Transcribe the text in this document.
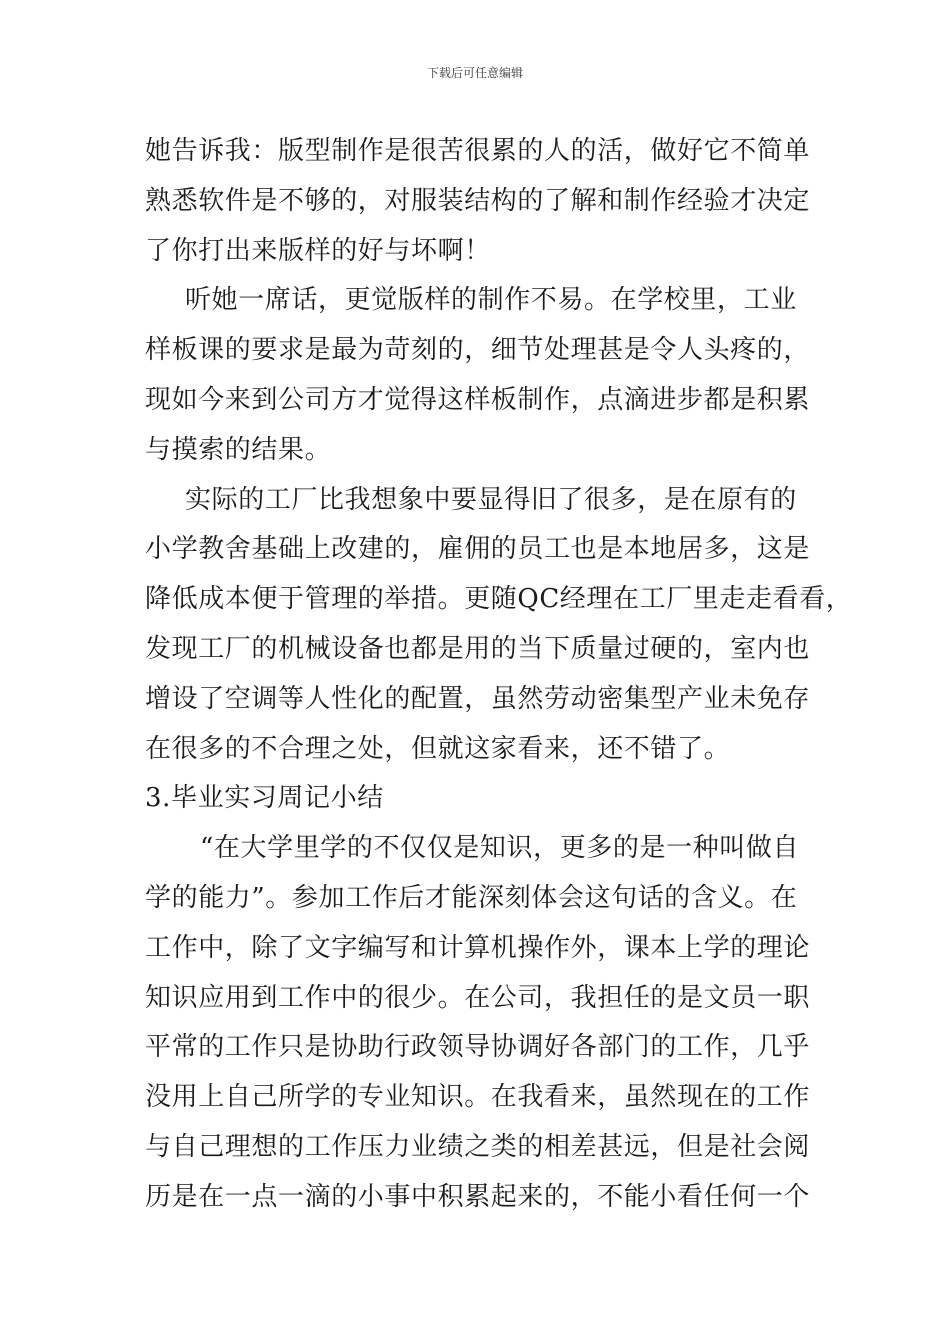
下载后可任意编辑
她告诉我：版型制作是很苦很累的人的活，做好它不简单
熟悉软件是不够的，对服装结构的了解和制作经验才决定
了你打出来版样的好与坏啊！
听她一席话，更觉版样的制作不易。在学校里，工业
样板课的要求是最为苛刻的，细节处理甚是令人头疼的，
现如今来到公司方才觉得这样板制作，点滴进步都是积累
与摸索的结果。
实际的工厂比我想象中要显得旧了很多，是在原有的
小学教舍基础上改建的，雇佣的员工也是本地居多，这是
降低成本便于管理的举措。更随QC经理在工厂里走走看看，
发现工厂的机械设备也都是用的当下质量过硬的，室内也
增设了空调等人性化的配置，虽然劳动密集型产业未免存
在很多的不合理之处，但就这家看来，还不错了。
3.毕业实习周记小结
“在大学里学的不仅仅是知识，更多的是一种叫做自
学的能力”。参加工作后才能深刻体会这句话的含义。在
工作中，除了文字编写和计算机操作外，课本上学的理论
知识应用到工作中的很少。在公司，我担任的是文员一职
平常的工作只是协助行政领导协调好各部门的工作，几乎
没用上自己所学的专业知识。在我看来，虽然现在的工作
与自己理想的工作压力业绩之类的相差甚远，但是社会阅
历是在一点一滴的小事中积累起来的，不能小看任何一个
